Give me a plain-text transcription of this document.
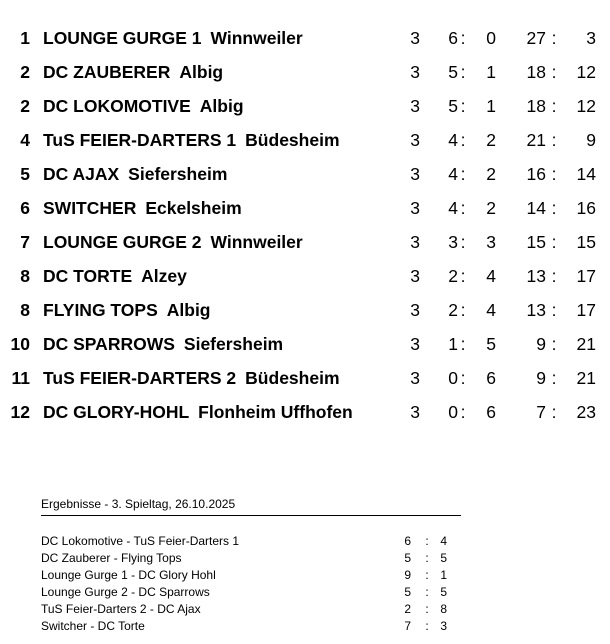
1 LOUNGE GURGE 1 Winnweiler	3	6 :	0	27 :	3
2 DC ZAUBERER Albig	3	5 :	1	18 :	12
2 DC LOKOMOTIVE Albig	3	5 :	1	18 :	12
4 TuS FEIER-DARTERS 1 Büdesheim	3	4 :	2	21 :	9
5 DC AJAX Siefersheim	3	4 :	2	16 :	14
6 SWITCHER Eckelsheim	3	4 :	2	14 :	16
7 LOUNGE GURGE 2 Winnweiler	3	3 :	3	15 :	15
8 DC TORTE Alzey	3	2 :	4	13 :	17
8 FLYING TOPS Albig	3	2 :	4	13 :	17
10 DC SPARROWS Siefersheim	3	1 :	5	9 :	21
11 TuS FEIER-DARTERS 2 Büdesheim	3	0 :	6	9 :	21
12 DC GLORY-HOHL Flonheim Uffhofen	3	0 :	6	7 :	23
Ergebnisse - 3. Spieltag, 26.10.2025
DC Lokomotive - TuS Feier-Darters 1	6 : 4
DC Zauberer - Flying Tops	5 : 5
Lounge Gurge 1 - DC Glory Hohl	9 : 1
Lounge Gurge 2 - DC Sparrows	5 : 5
TuS Feier-Darters 2 - DC Ajax	2 : 8
Switcher - DC Torte	7 : 3
